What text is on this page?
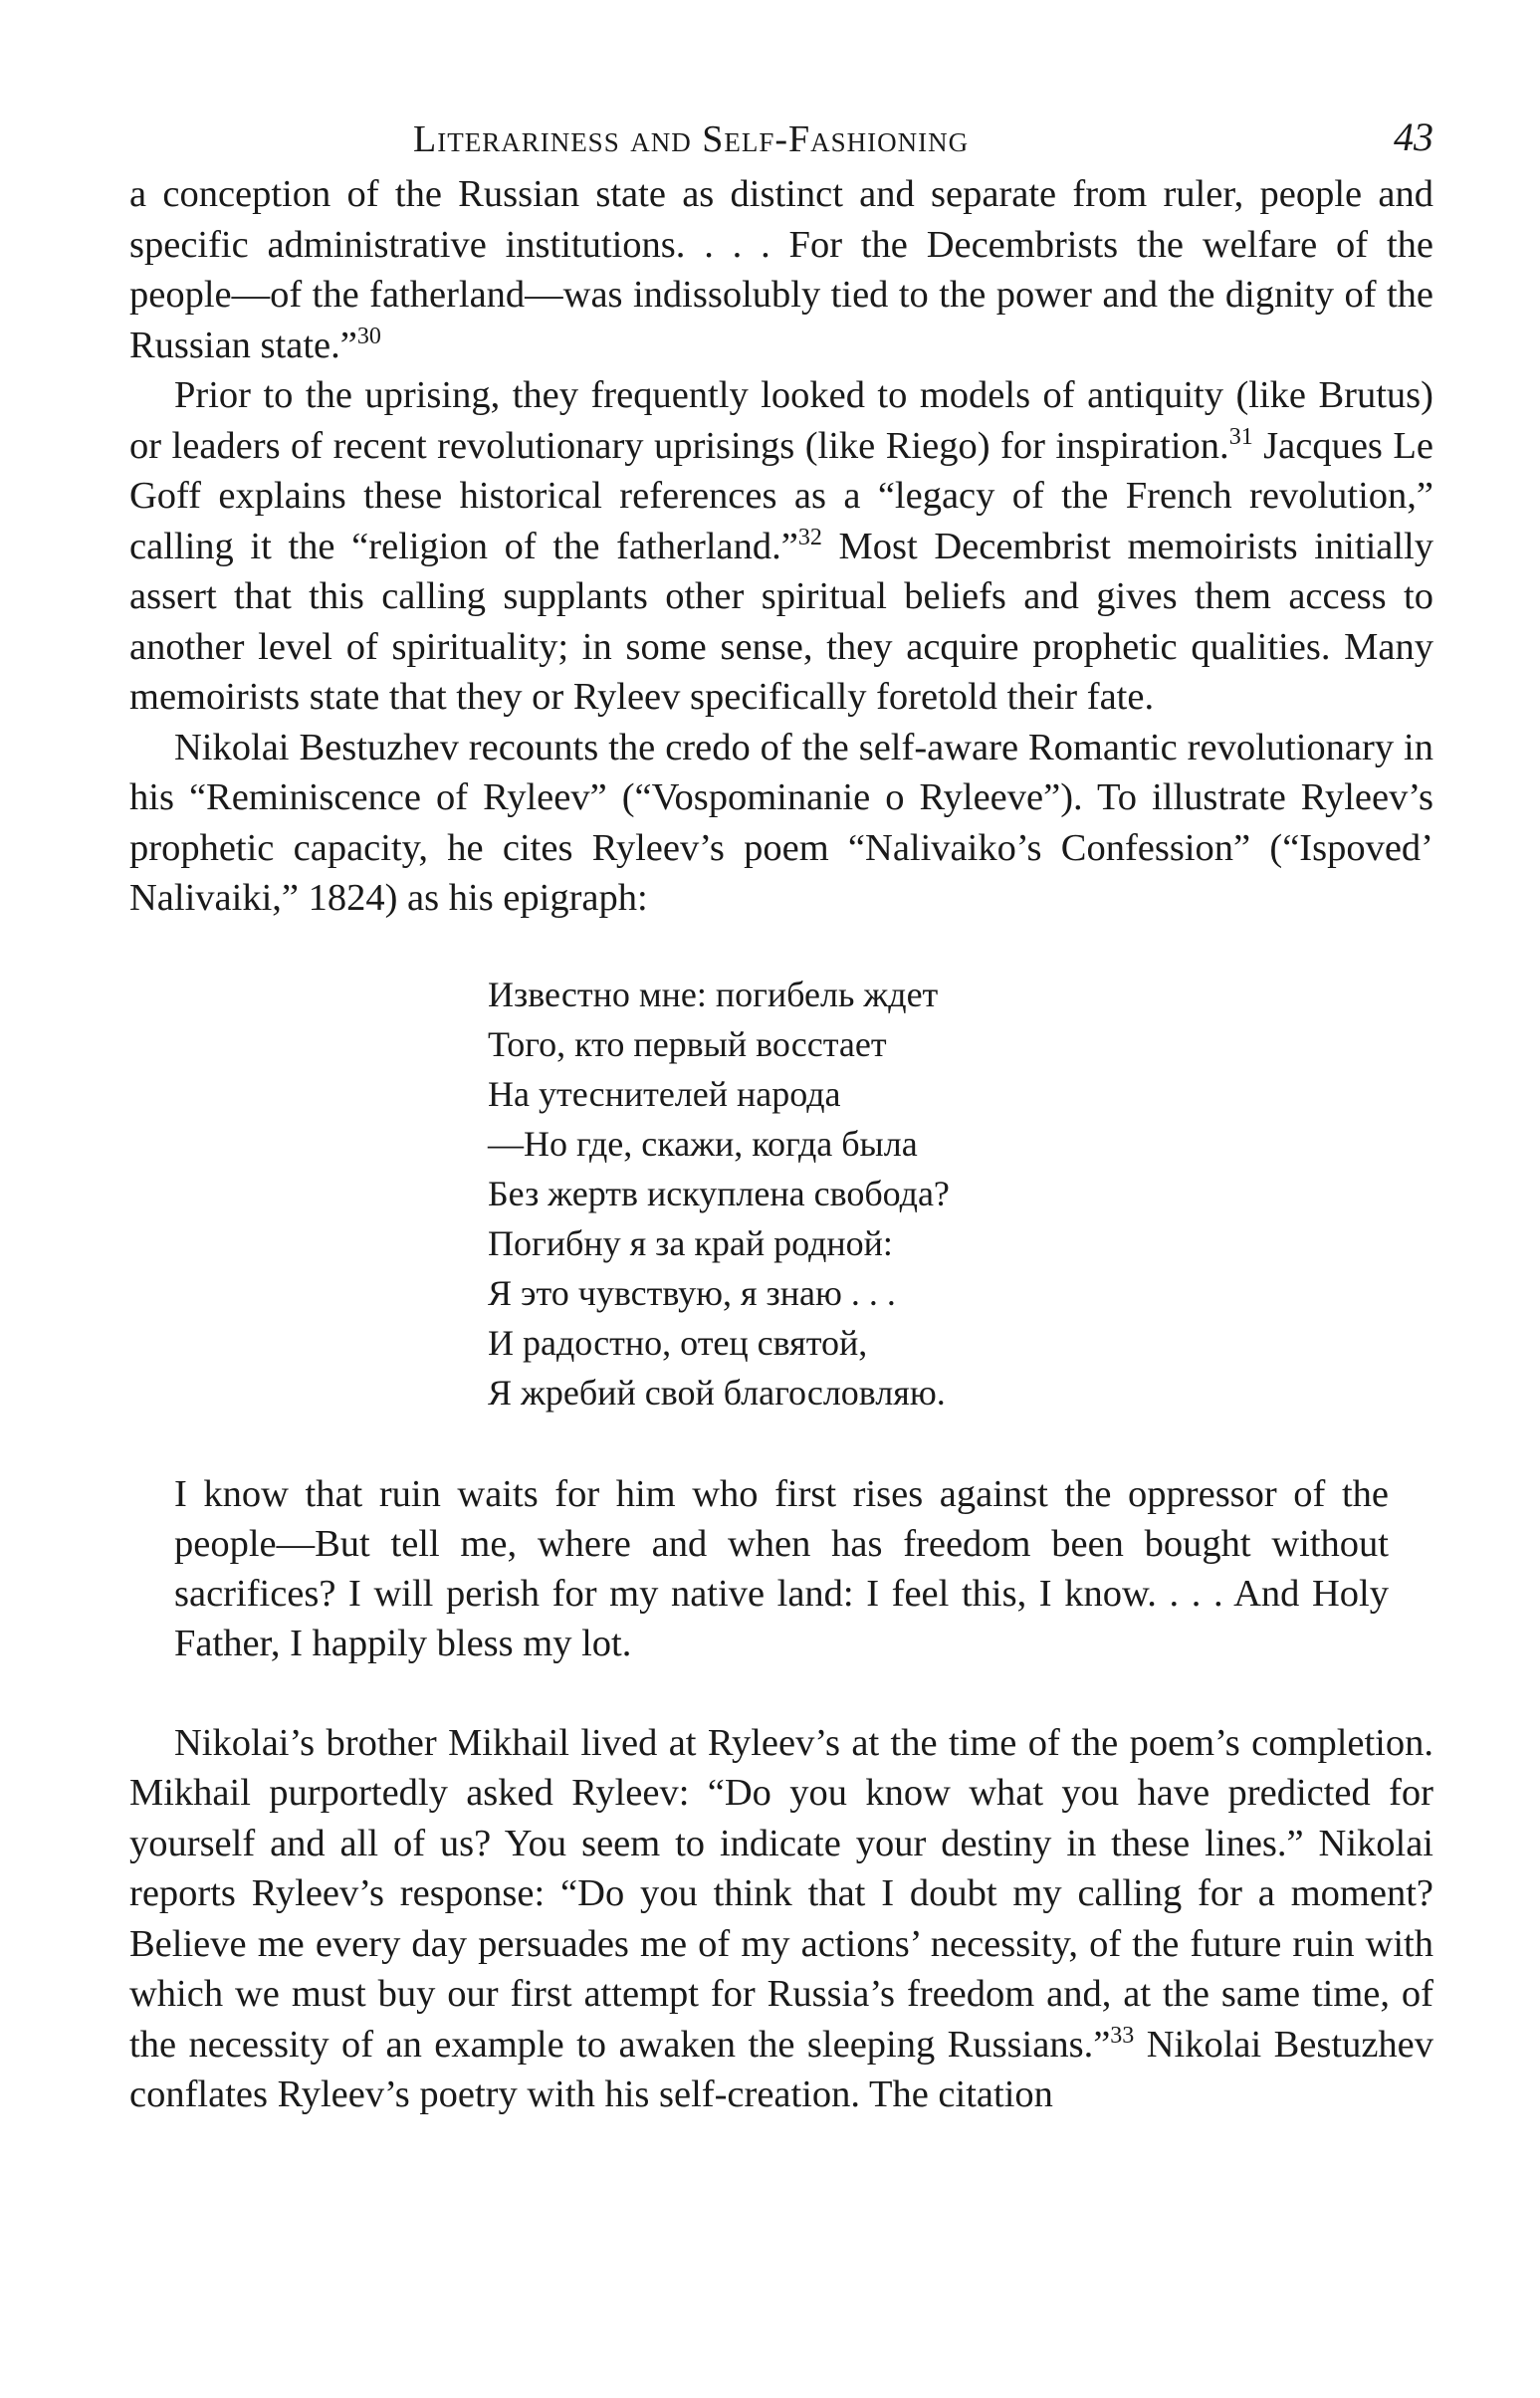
Literariness and Self-Fashioning	43

a conception of the Russian state as distinct and separate from ruler, people and specific administrative institutions. . . . For the Decembrists the welfare of the people—of the fatherland—was indissolubly tied to the power and the dignity of the Russian state.”$^{30}$

Prior to the uprising, they frequently looked to models of antiquity (like Brutus) or leaders of recent revolutionary uprisings (like Riego) for inspiration.$^{31}$ Jacques Le Goff explains these historical references as a “legacy of the French revolution,” calling it the “religion of the fatherland.”$^{32}$ Most Decembrist memoirists initially assert that this calling supplants other spiritual beliefs and gives them access to another level of spirituality; in some sense, they acquire prophetic qualities. Many memoirists state that they or Ryleev specifically foretold their fate.

Nikolai Bestuzhev recounts the credo of the self-aware Romantic revolutionary in his “Reminiscence of Ryleev” (“Vospominanie o Ryleeve”). To illustrate Ryleev’s prophetic capacity, he cites Ryleev’s poem “Nalivaiko’s Confession” (“Ispoved’ Nalivaiki,” 1824) as his epigraph:

Известно мне: погибель ждет
Того, кто первый восстает
На утеснителей народа
—Но где, скажи, когда была
Без жертв искуплена свобода?
Погибну я за край родной:
Я это чувствую, я знаю . . .
И радостно, отец святой,
Я жребий свой благословляю.

I know that ruin waits for him who first rises against the oppressor of the people—But tell me, where and when has freedom been bought without sacrifices? I will perish for my native land: I feel this, I know. . . . And Holy Father, I happily bless my lot.

Nikolai’s brother Mikhail lived at Ryleev’s at the time of the poem’s completion. Mikhail purportedly asked Ryleev: “Do you know what you have predicted for yourself and all of us? You seem to indicate your destiny in these lines.” Nikolai reports Ryleev’s response: “Do you think that I doubt my calling for a moment? Believe me every day persuades me of my actions’ necessity, of the future ruin with which we must buy our first attempt for Russia’s freedom and, at the same time, of the necessity of an example to awaken the sleeping Russians.”$^{33}$ Nikolai Bestuzhev conflates Ryleev’s poetry with his self-creation. The citation
